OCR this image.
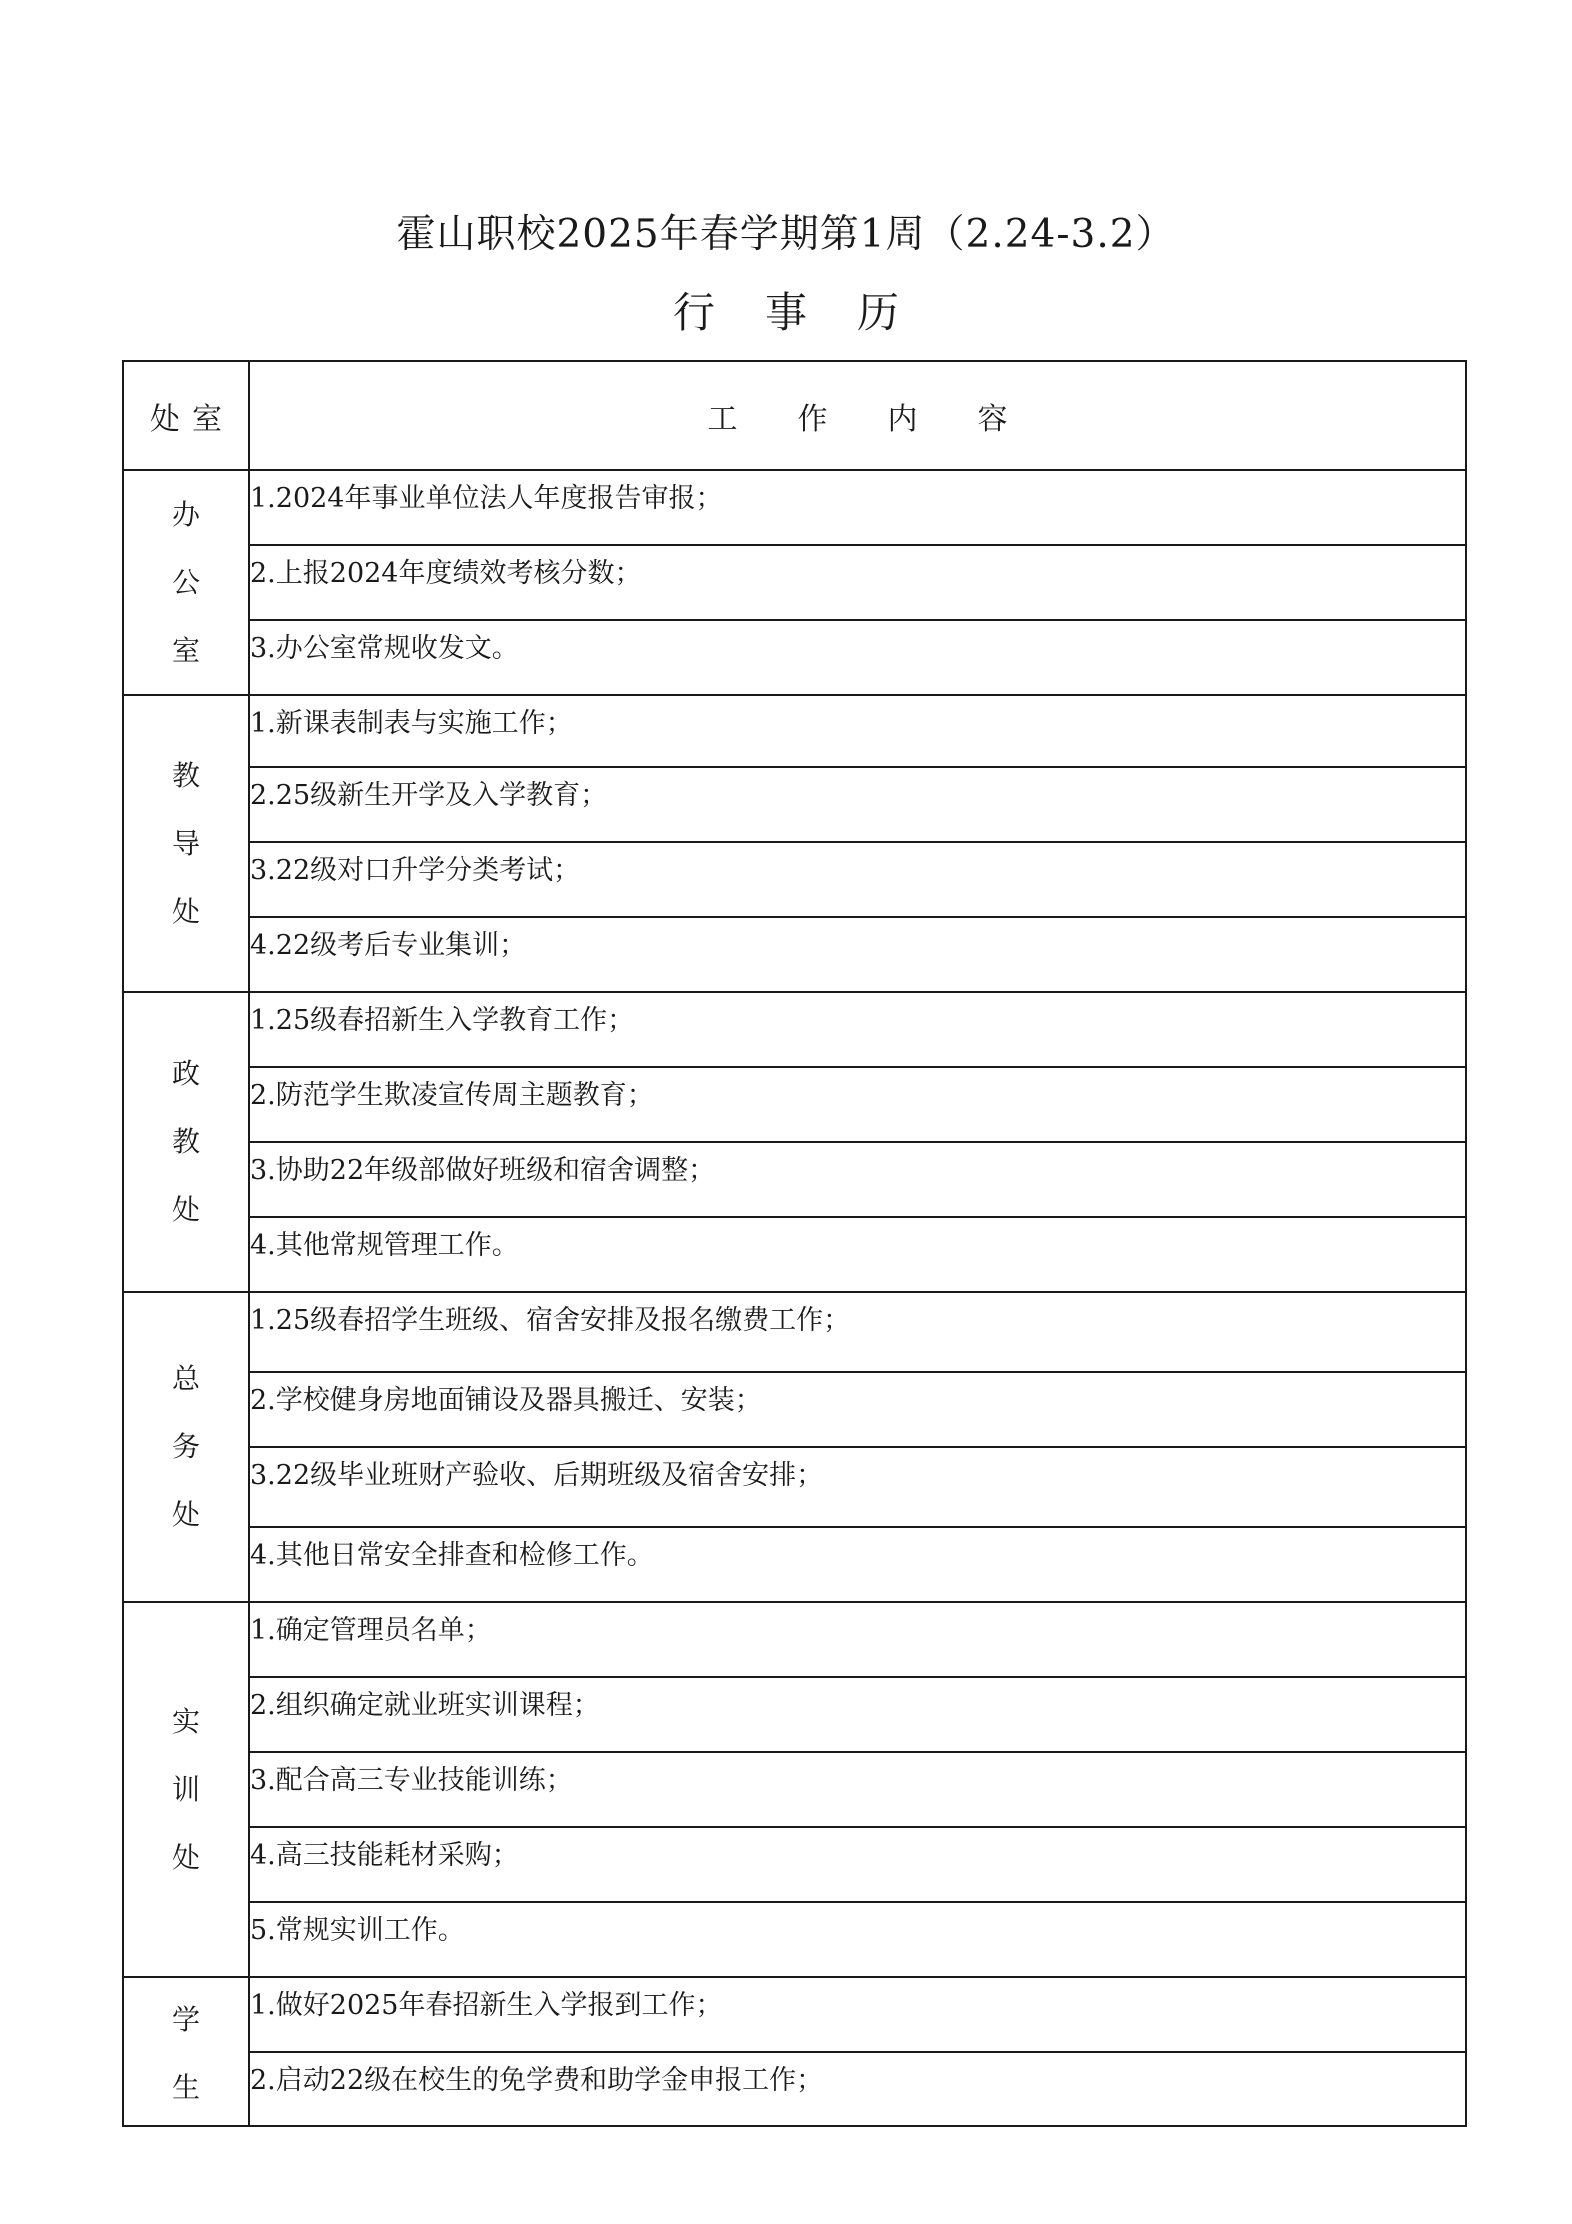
霍山职校2025年春学期第1周（2.24-3.2）
行事历
处室	工作内容
办公室	1.2024年事业单位法人年度报告审报；
	2.上报2024年度绩效考核分数；
	3.办公室常规收发文。
教导处	1.新课表制表与实施工作；
	2.25级新生开学及入学教育；
	3.22级对口升学分类考试；
	4.22级考后专业集训；
政教处	1.25级春招新生入学教育工作；
	2.防范学生欺凌宣传周主题教育；
	3.协助22年级部做好班级和宿舍调整；
	4.其他常规管理工作。
总务处	1.25级春招学生班级、宿舍安排及报名缴费工作；
	2.学校健身房地面铺设及器具搬迁、安装；
	3.22级毕业班财产验收、后期班级及宿舍安排；
	4.其他日常安全排查和检修工作。
实训处	1.确定管理员名单；
	2.组织确定就业班实训课程；
	3.配合高三专业技能训练；
	4.高三技能耗材采购；
	5.常规实训工作。
学生	1.做好2025年春招新生入学报到工作；
	2.启动22级在校生的免学费和助学金申报工作；
